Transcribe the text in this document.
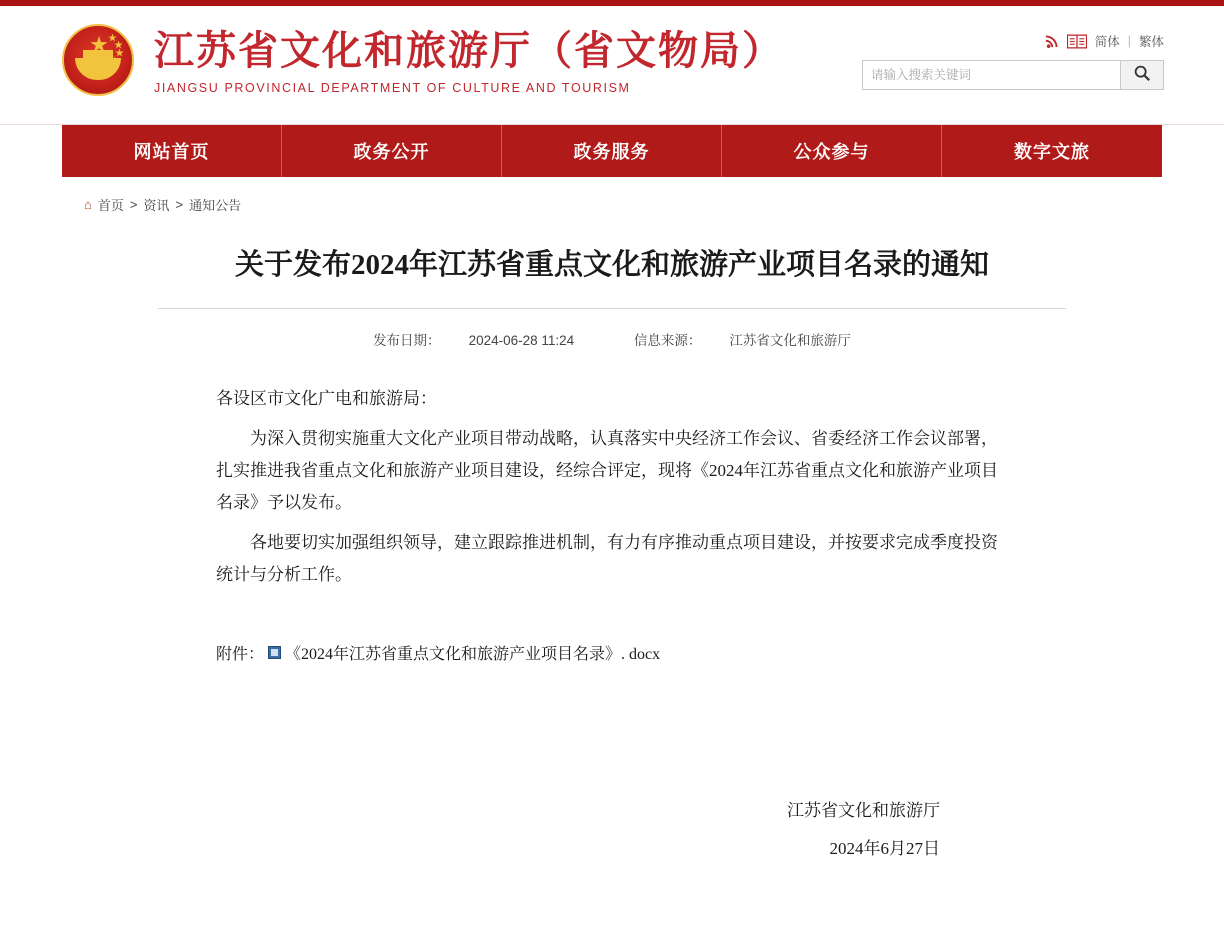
★ ★
★
★
★ 江苏省文化和旅游厅（省文物局）
JIANGSU PROVINCIAL DEPARTMENT OF CULTURE AND TOURISM
简体 | 繁体
请输入搜索关键词
网站首页	政务公开	政务服务	公众参与	数字文旅
⌂ 首页 > 资讯 > 通知公告
关于发布2024年江苏省重点文化和旅游产业项目名录的通知
发布日期： 2024-06-28 11:24	信息来源： 江苏省文化和旅游厅

各设区市文化广电和旅游局：

为深入贯彻实施重大文化产业项目带动战略，认真落实中央经济工作会议、省委经济工作会议部署，扎实推进我省重点文化和旅游产业项目建设，经综合评定，现将《2024年江苏省重点文化和旅游产业项目名录》予以发布。

各地要切实加强组织领导，建立跟踪推进机制，有力有序推动重点项目建设，并按要求完成季度投资统计与分析工作。

附件： 《2024年江苏省重点文化和旅游产业项目名录》. docx
江苏省文化和旅游厅
2024年6月27日
